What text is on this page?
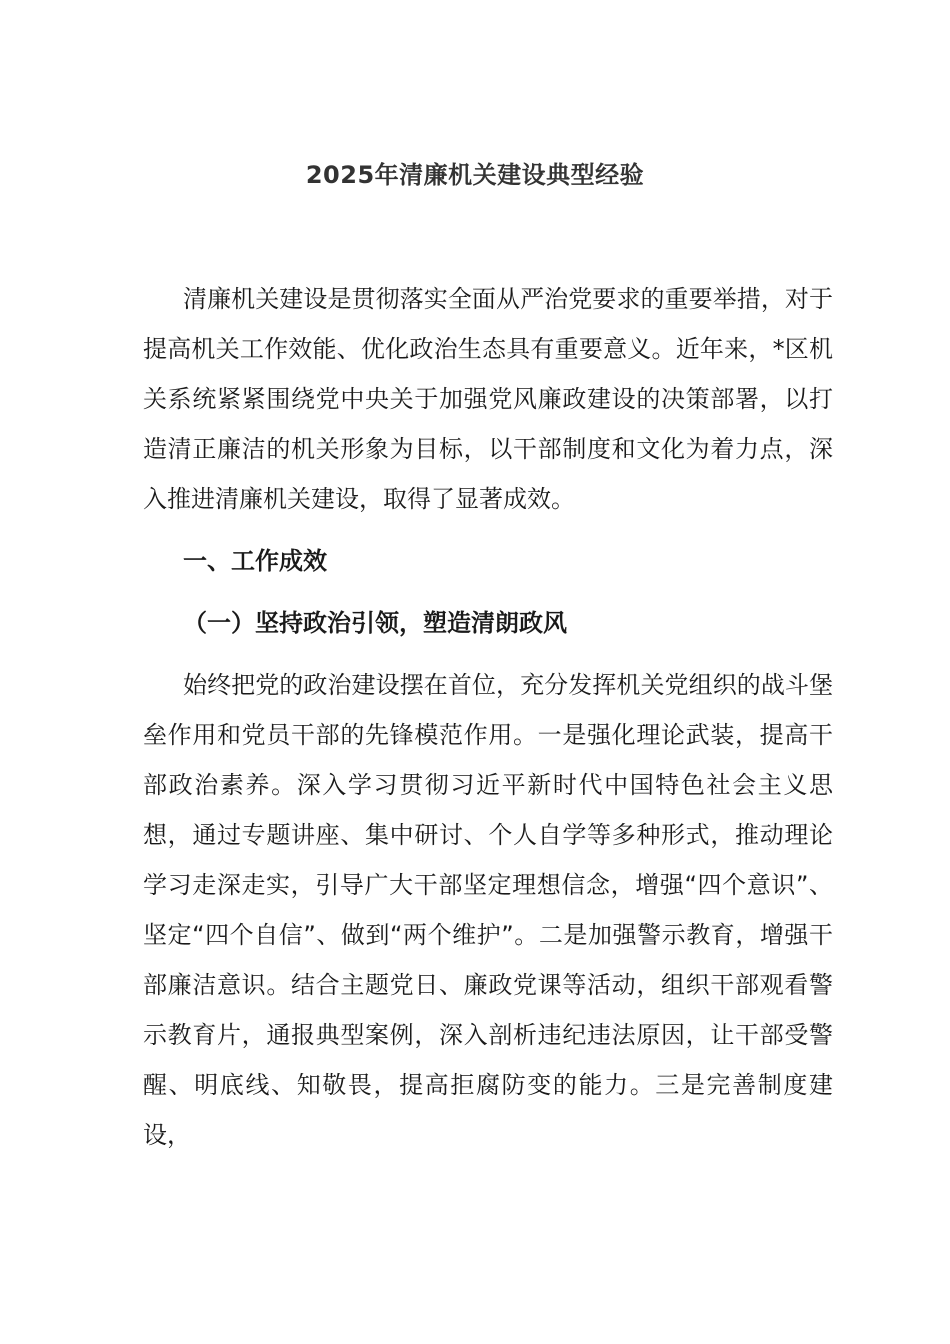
2025年清廉机关建设典型经验

清廉机关建设是贯彻落实全面从严治党要求的重要举措，对于提高机关工作效能、优化政治生态具有重要意义。近年来，*区机关系统紧紧围绕党中央关于加强党风廉政建设的决策部署，以打造清正廉洁的机关形象为目标，以干部制度和文化为着力点，深入推进清廉机关建设，取得了显著成效。

一、工作成效

（一）坚持政治引领，塑造清朗政风

始终把党的政治建设摆在首位，充分发挥机关党组织的战斗堡垒作用和党员干部的先锋模范作用。一是强化理论武装，提高干部政治素养。深入学习贯彻习近平新时代中国特色社会主义思想，通过专题讲座、集中研讨、个人自学等多种形式，推动理论学习走深走实，引导广大干部坚定理想信念，增强“四个意识”、坚定“四个自信”、做到“两个维护”。二是加强警示教育，增强干部廉洁意识。结合主题党日、廉政党课等活动，组织干部观看警示教育片，通报典型案例，深入剖析违纪违法原因，让干部受警醒、明底线、知敬畏，提高拒腐防变的能力。三是完善制度建设，
